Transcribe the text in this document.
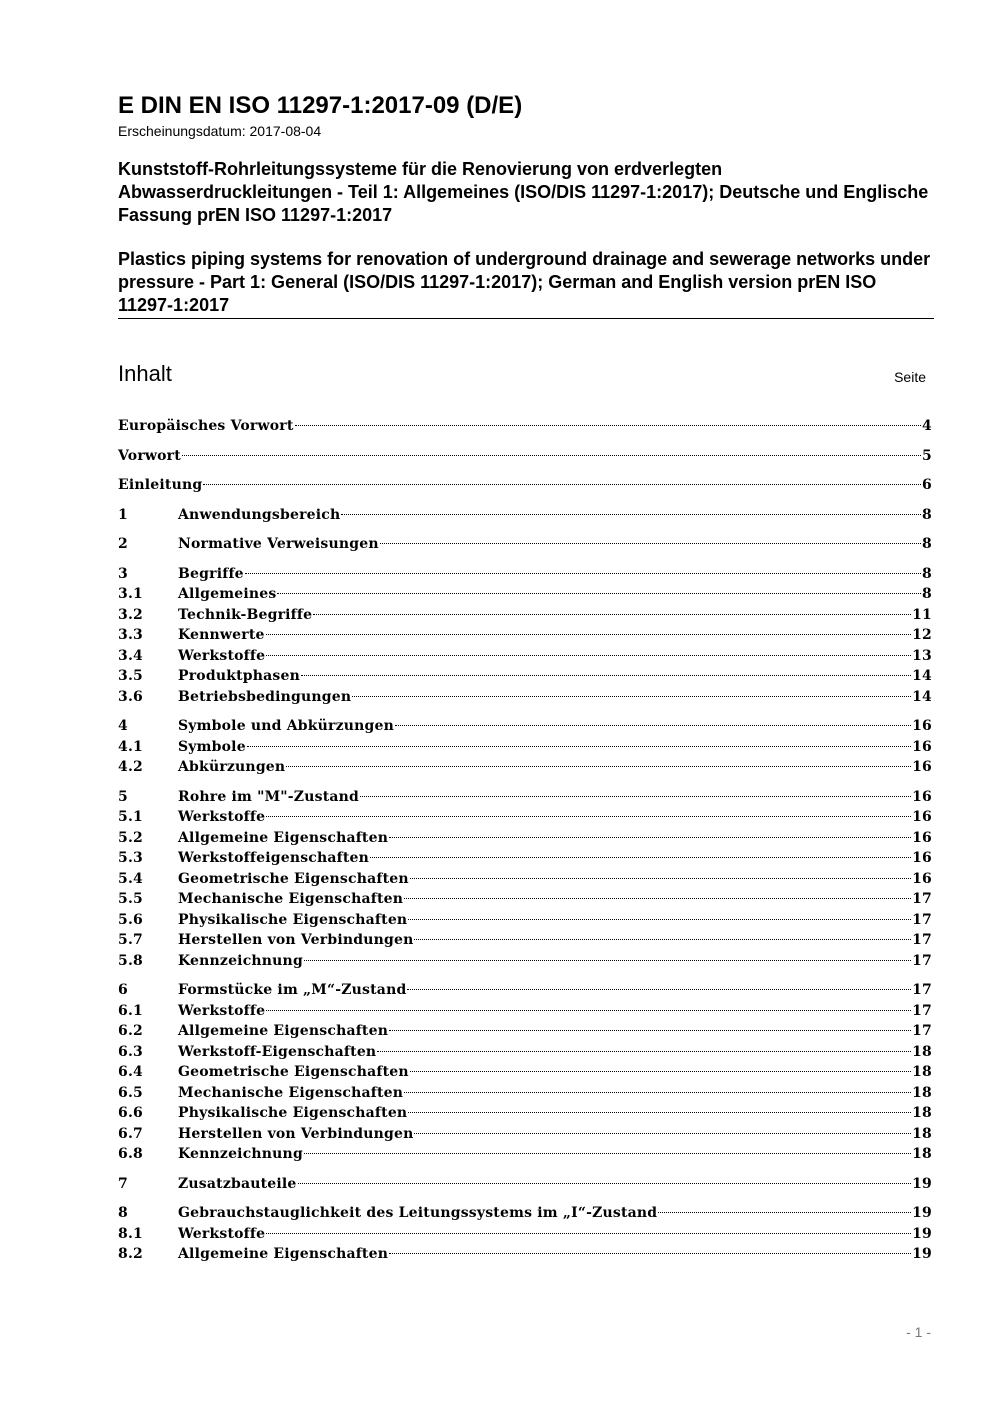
E DIN EN ISO 11297-1:2017-09 (D/E)

Erscheinungsdatum: 2017-08-04

Kunststoff-Rohrleitungssysteme für die Renovierung von erdverlegten Abwasserdruckleitungen - Teil 1: Allgemeines (ISO/DIS 11297-1:2017); Deutsche und Englische Fassung prEN ISO 11297-1:2017
Plastics piping systems for renovation of underground drainage and sewerage networks under pressure - Part 1: General (ISO/DIS 11297-1:2017); German and English version prEN ISO 11297-1:2017
Inhalt	Seite
Europäisches Vorwort	4
Vorwort	5
Einleitung	6
1	Anwendungsbereich	8
2	Normative Verweisungen	8
3	Begriffe	8
3.1	Allgemeines	8
3.2	Technik-Begriffe	11
3.3	Kennwerte	12
3.4	Werkstoffe	13
3.5	Produktphasen	14
3.6	Betriebsbedingungen	14
4	Symbole und Abkürzungen	16
4.1	Symbole	16
4.2	Abkürzungen	16
5	Rohre im "M"-Zustand	16
5.1	Werkstoffe	16
5.2	Allgemeine Eigenschaften	16
5.3	Werkstoffeigenschaften	16
5.4	Geometrische Eigenschaften	16
5.5	Mechanische Eigenschaften	17
5.6	Physikalische Eigenschaften	17
5.7	Herstellen von Verbindungen	17
5.8	Kennzeichnung	17
6	Formstücke im „M“-Zustand	17
6.1	Werkstoffe	17
6.2	Allgemeine Eigenschaften	17
6.3	Werkstoff-Eigenschaften	18
6.4	Geometrische Eigenschaften	18
6.5	Mechanische Eigenschaften	18
6.6	Physikalische Eigenschaften	18
6.7	Herstellen von Verbindungen	18
6.8	Kennzeichnung	18
7	Zusatzbauteile	19
8	Gebrauchstauglichkeit des Leitungssystems im „I“-Zustand	19
8.1	Werkstoffe	19
8.2	Allgemeine Eigenschaften	19
- 1 -
